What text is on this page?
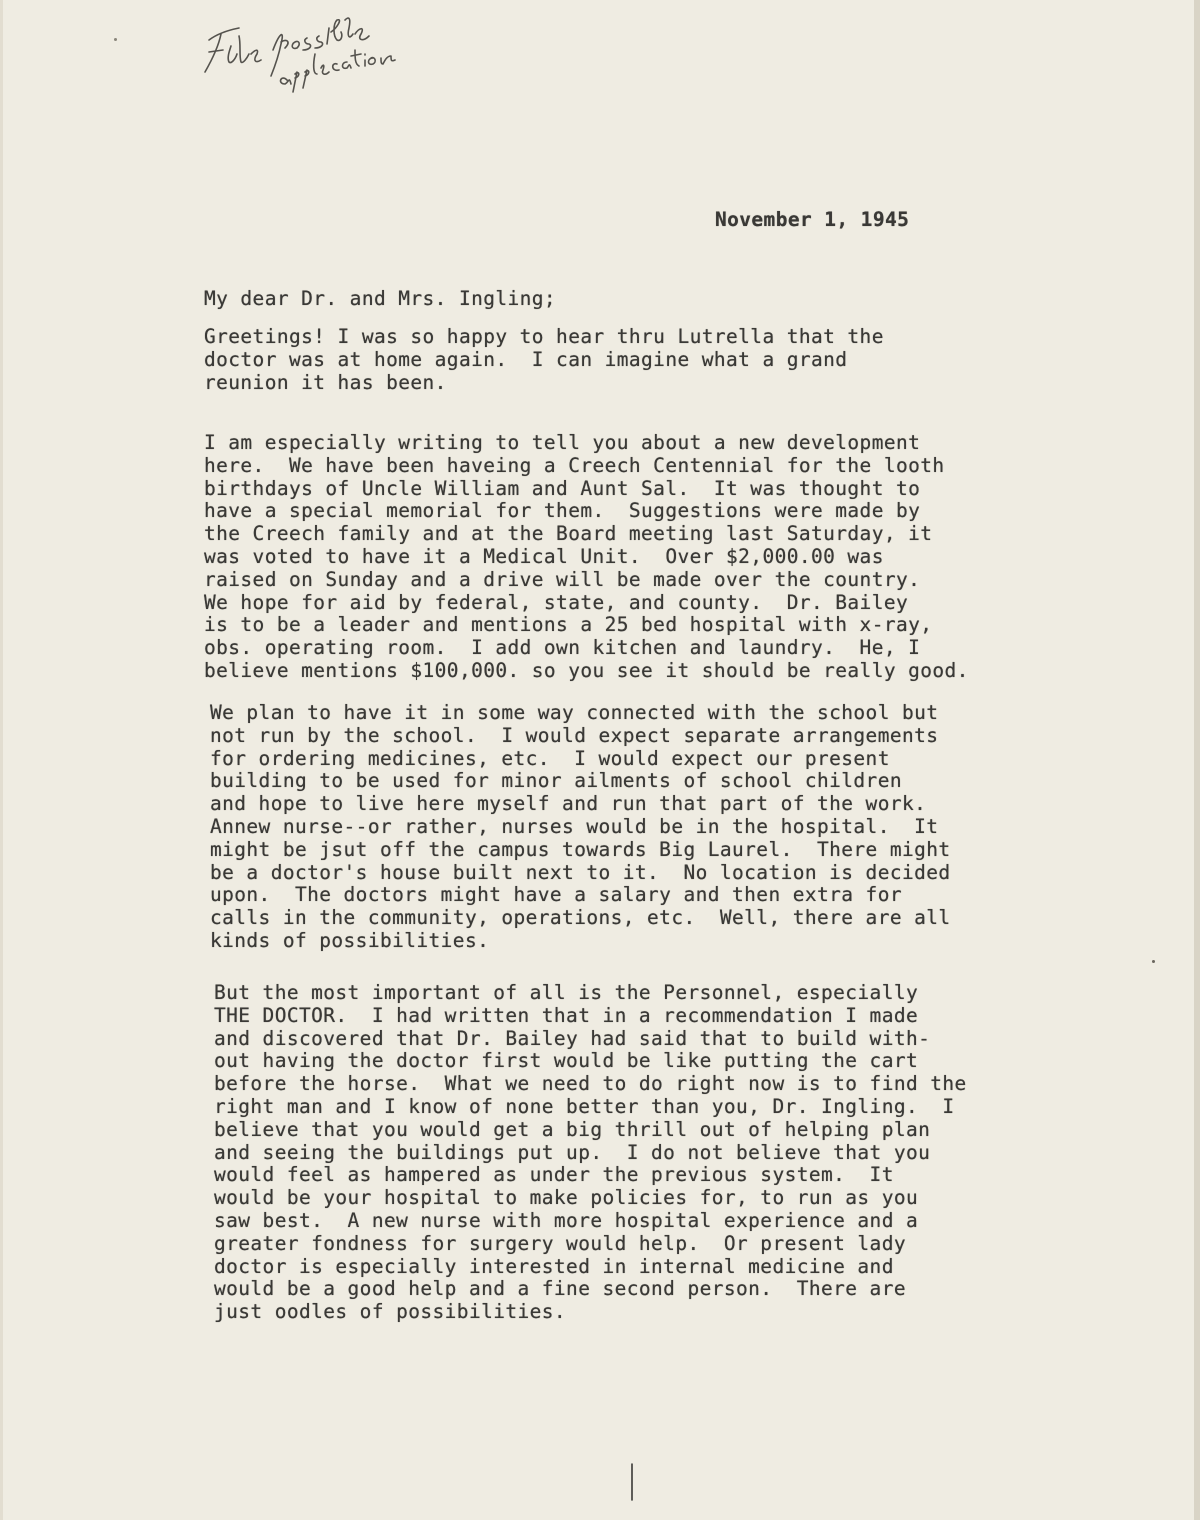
November 1, 1945
My dear Dr. and Mrs. Ingling;
Greetings! I was so happy to hear thru Lutrella that the
doctor was at home again.  I can imagine what a grand
reunion it has been.
I am especially writing to tell you about a new development
here.  We have been haveing a Creech Centennial for the looth
birthdays of Uncle William and Aunt Sal.  It was thought to
have a special memorial for them.  Suggestions were made by
the Creech family and at the Board meeting last Saturday, it
was voted to have it a Medical Unit.  Over $2,000.00 was
raised on Sunday and a drive will be made over the country.
We hope for aid by federal, state, and county.  Dr. Bailey
is to be a leader and mentions a 25 bed hospital with x-ray,
obs. operating room.  I add own kitchen and laundry.  He, I
believe mentions $100,000. so you see it should be really good.
We plan to have it in some way connected with the school but
not run by the school.  I would expect separate arrangements
for ordering medicines, etc.  I would expect our present
building to be used for minor ailments of school children
and hope to live here myself and run that part of the work.
Annew nurse--or rather, nurses would be in the hospital.  It
might be jsut off the campus towards Big Laurel.  There might
be a doctor's house built next to it.  No location is decided
upon.  The doctors might have a salary and then extra for
calls in the community, operations, etc.  Well, there are all
kinds of possibilities.
But the most important of all is the Personnel, especially
THE DOCTOR.  I had written that in a recommendation I made
and discovered that Dr. Bailey had said that to build with-
out having the doctor first would be like putting the cart
before the horse.  What we need to do right now is to find the
right man and I know of none better than you, Dr. Ingling.  I
believe that you would get a big thrill out of helping plan
and seeing the buildings put up.  I do not believe that you
would feel as hampered as under the previous system.  It
would be your hospital to make policies for, to run as you
saw best.  A new nurse with more hospital experience and a
greater fondness for surgery would help.  Or present lady
doctor is especially interested in internal medicine and
would be a good help and a fine second person.  There are
just oodles of possibilities.
